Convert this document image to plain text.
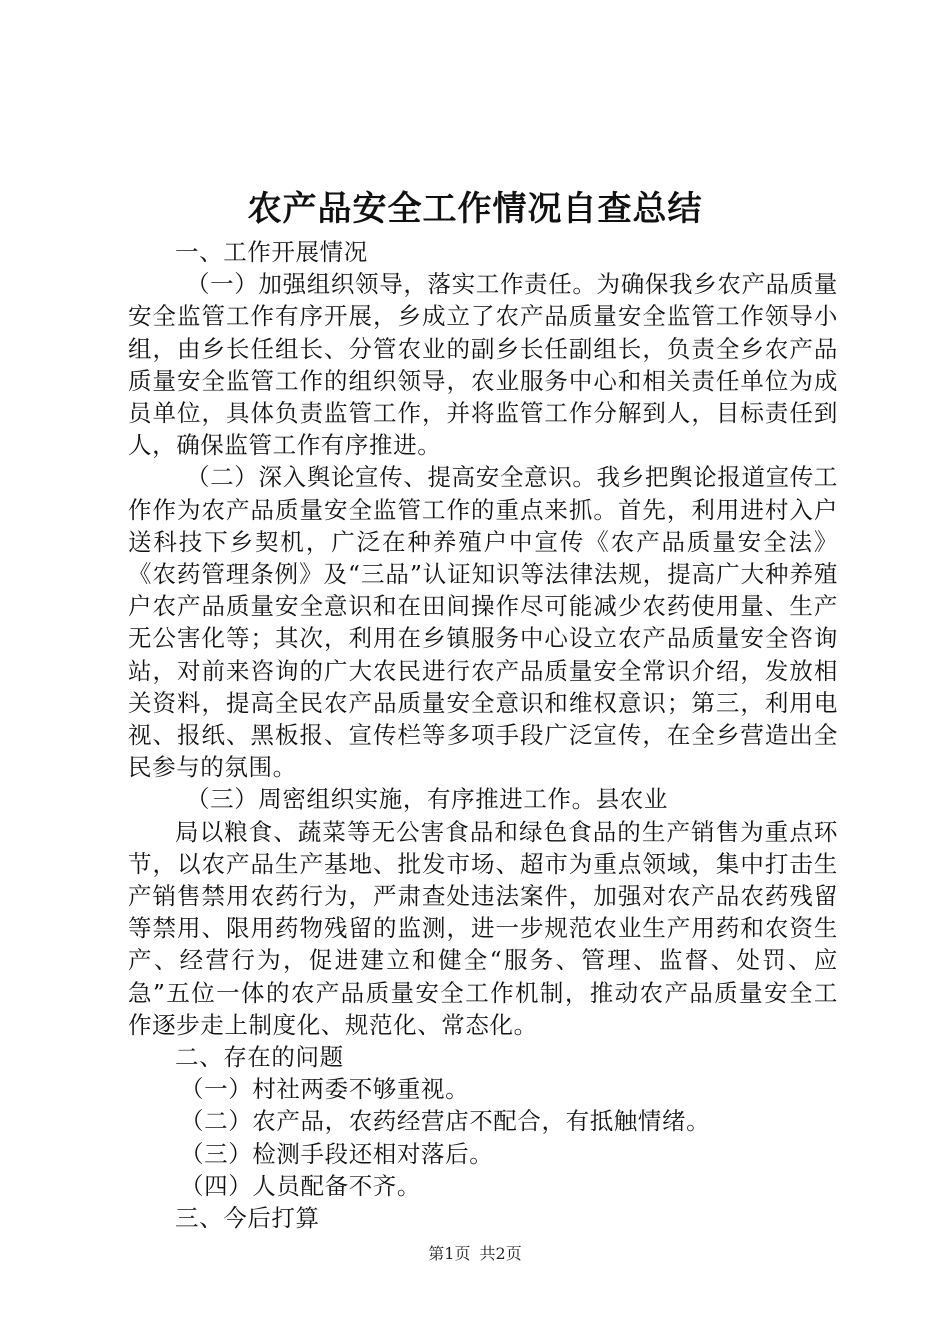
农产品安全工作情况自查总结

一、工作开展情况

（一）加强组织领导，落实工作责任。为确保我乡农产品质量安全监管工作有序开展，乡成立了农产品质量安全监管工作领导小组，由乡长任组长、分管农业的副乡长任副组长，负责全乡农产品质量安全监管工作的组织领导，农业服务中心和相关责任单位为成员单位，具体负责监管工作，并将监管工作分解到人，目标责任到人，确保监管工作有序推进。

（二）深入舆论宣传、提高安全意识。我乡把舆论报道宣传工作作为农产品质量安全监管工作的重点来抓。首先，利用进村入户送科技下乡契机，广泛在种养殖户中宣传《农产品质量安全法》《农药管理条例》及“三品”认证知识等法律法规，提高广大种养殖户农产品质量安全意识和在田间操作尽可能减少农药使用量、生产无公害化等；其次，利用在乡镇服务中心设立农产品质量安全咨询站，对前来咨询的广大农民进行农产品质量安全常识介绍，发放相关资料，提高全民农产品质量安全意识和维权意识；第三，利用电视、报纸、黑板报、宣传栏等多项手段广泛宣传，在全乡营造出全民参与的氛围。

（三）周密组织实施，有序推进工作。县农业

局以粮食、蔬菜等无公害食品和绿色食品的生产销售为重点环节，以农产品生产基地、批发市场、超市为重点领域，集中打击生产销售禁用农药行为，严肃查处违法案件，加强对农产品农药残留等禁用、限用药物残留的监测，进一步规范农业生产用药和农资生产、经营行为，促进建立和健全“服务、管理、监督、处罚、应急”五位一体的农产品质量安全工作机制，推动农产品质量安全工作逐步走上制度化、规范化、常态化。

二、存在的问题

（一）村社两委不够重视。

（二）农产品，农药经营店不配合，有抵触情绪。

（三）检测手段还相对落后。

（四）人员配备不齐。

三、今后打算

第1页 共2页
